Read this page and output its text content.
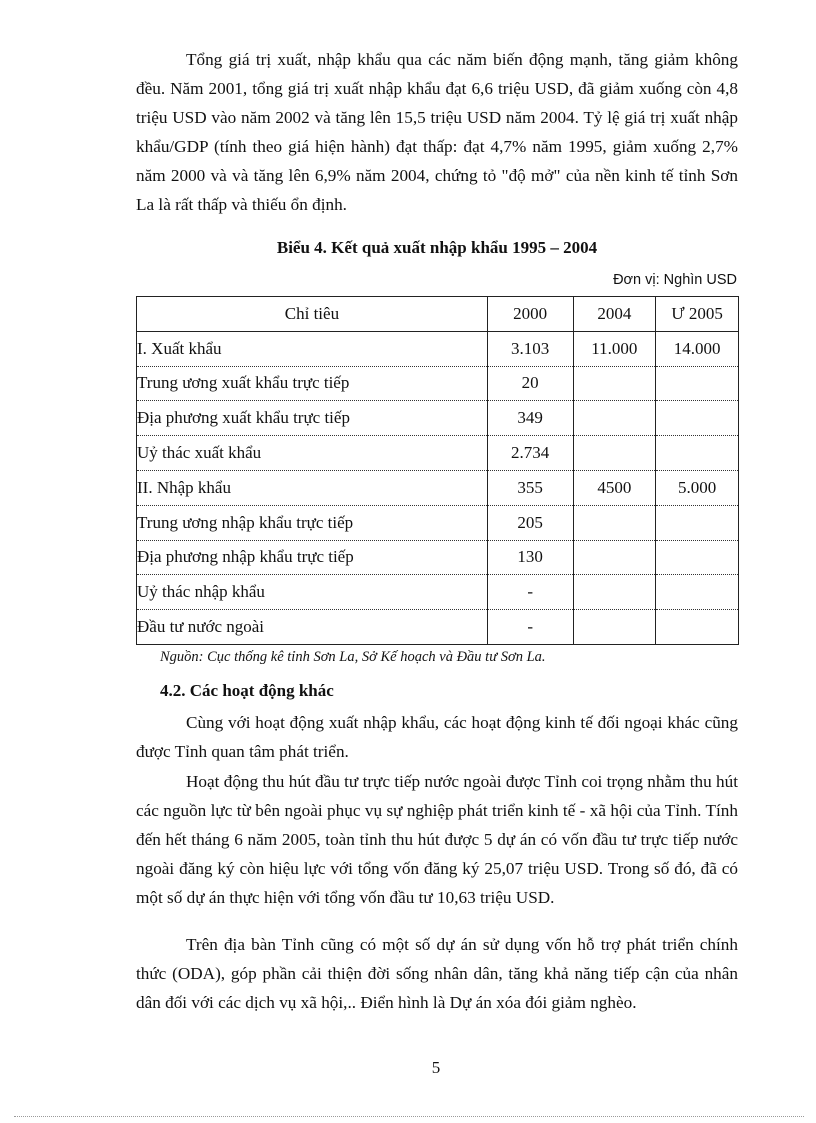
Tổng giá trị xuất, nhập khẩu qua các năm biến động mạnh, tăng giảm không đều. Năm 2001, tổng giá trị xuất nhập khẩu đạt 6,6 triệu USD, đã giảm xuống còn 4,8 triệu USD vào năm 2002 và tăng lên 15,5 triệu USD năm 2004. Tỷ lệ giá trị xuất nhập khẩu/GDP (tính theo giá hiện hành) đạt thấp: đạt 4,7% năm 1995, giảm xuống 2,7% năm 2000 và và tăng lên 6,9% năm 2004, chứng tỏ "độ mở" của nền kinh tế tỉnh Sơn La là rất thấp và thiếu ổn định.

Biểu 4. Kết quả xuất nhập khẩu 1995 – 2004

Đơn vị: Nghìn USD

Chỉ tiêu	2000	2004	Ư 2005
I. Xuất khẩu	3.103	11.000	14.000
Trung ương xuất khẩu trực tiếp	20		
Địa phương xuất khẩu trực tiếp	349		
Uỷ thác xuất khẩu	2.734		
II. Nhập khẩu	355	4500	5.000
Trung ương nhập khẩu trực tiếp	205		
Địa phương nhập khẩu trực tiếp	130		
Uỷ thác nhập khẩu	-		
Đầu tư nước ngoài	-		

Nguồn: Cục thống kê tỉnh Sơn La, Sở Kế hoạch và Đầu tư Sơn La.

4.2. Các hoạt động khác

Cùng với hoạt động xuất nhập khẩu, các hoạt động kinh tế đối ngoại khác cũng được Tỉnh quan tâm phát triển.

Hoạt động thu hút đầu tư trực tiếp nước ngoài được Tỉnh coi trọng nhằm thu hút các nguồn lực từ bên ngoài phục vụ sự nghiệp phát triển kinh tế - xã hội của Tỉnh. Tính đến hết tháng 6 năm 2005, toàn tỉnh thu hút được 5 dự án có vốn đầu tư trực tiếp nước ngoài đăng ký còn hiệu lực với tổng vốn đăng ký 25,07 triệu USD. Trong số đó, đã có một số dự án thực hiện với tổng vốn đầu tư 10,63 triệu USD.

Trên địa bàn Tỉnh cũng có một số dự án sử dụng vốn hỗ trợ phát triển chính thức (ODA), góp phần cải thiện đời sống nhân dân, tăng khả năng tiếp cận của nhân dân đối với các dịch vụ xã hội,.. Điển hình là Dự án xóa đói giảm nghèo.

5
